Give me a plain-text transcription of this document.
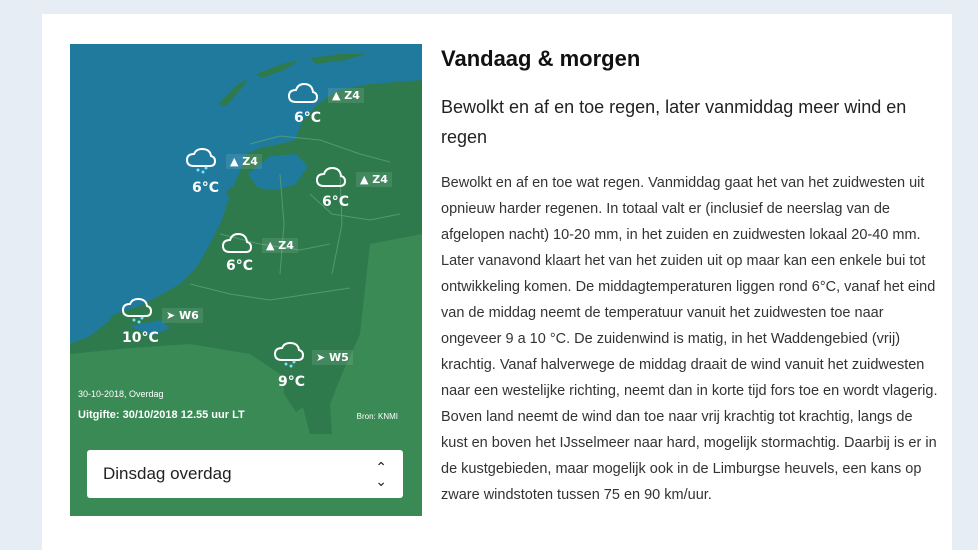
6°C
▲ Z4
6°C
▲ Z4
6°C
▲ Z4
6°C
▲ Z4
10°C
➤ W6
9°C
➤ W5
30-10-2018, Overdag
Uitgifte: 30/10/2018 12.55 uur LT	Bron: KNMI
Dinsdag overdag	⌃
⌄
Vandaag & morgen
Bewolkt en af en toe regen, later vanmiddag meer wind en regen
Bewolkt en af en toe wat regen. Vanmiddag gaat het van het zuidwesten uit opnieuw harder regenen. In totaal valt er (inclusief de neerslag van de afgelopen nacht) 10-20 mm, in het zuiden en zuidwesten lokaal 20-40 mm. Later vanavond klaart het van het zuiden uit op maar kan een enkele bui tot ontwikkeling komen. De middagtemperaturen liggen rond 6°C, vanaf het eind van de middag neemt de temperatuur vanuit het zuidwesten toe naar ongeveer 9 a 10 °C. De zuidenwind is matig, in het Waddengebied (vrij) krachtig. Vanaf halverwege de middag draait de wind vanuit het zuidwesten naar een westelijke richting, neemt dan in korte tijd fors toe en wordt vlagerig. Boven land neemt de wind dan toe naar vrij krachtig tot krachtig, langs de kust en boven het IJsselmeer naar hard, mogelijk stormachtig. Daarbij is er in de kustgebieden, maar mogelijk ook in de Limburgse heuvels, een kans op zware windstoten tussen 75 en 90 km/uur.
